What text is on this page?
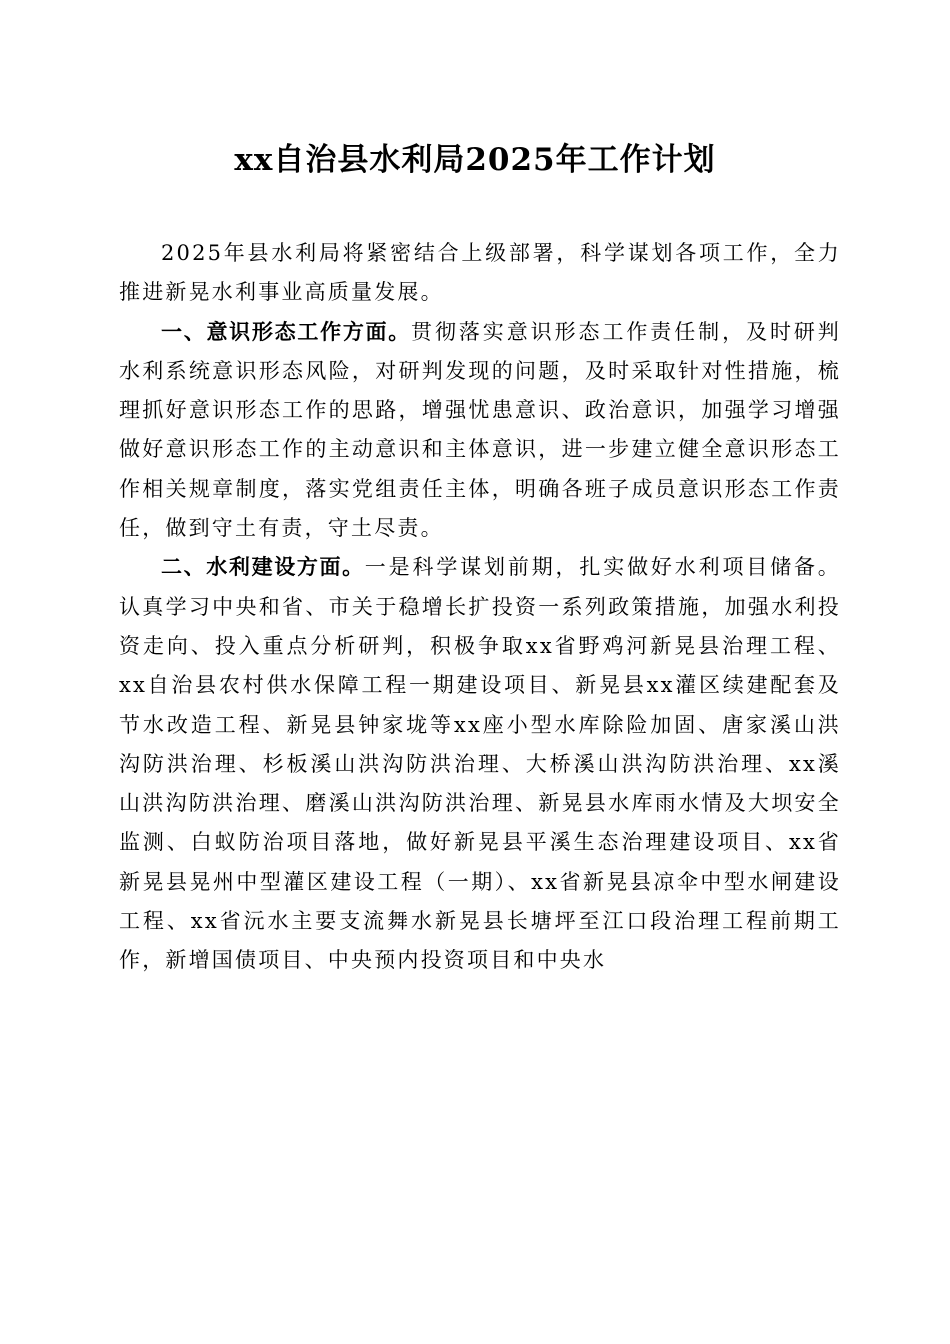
xx自治县水利局2025年工作计划

2025年县水利局将紧密结合上级部署，科学谋划各项工作，全力推进新晃水利事业高质量发展。

一、意识形态工作方面。贯彻落实意识形态工作责任制，及时研判水利系统意识形态风险，对研判发现的问题，及时采取针对性措施，梳理抓好意识形态工作的思路，增强忧患意识、政治意识，加强学习增强做好意识形态工作的主动意识和主体意识，进一步建立健全意识形态工作相关规章制度，落实党组责任主体，明确各班子成员意识形态工作责任，做到守土有责，守土尽责。

二、水利建设方面。一是科学谋划前期，扎实做好水利项目储备。认真学习中央和省、市关于稳增长扩投资一系列政策措施，加强水利投资走向、投入重点分析研判，积极争取xx省野鸡河新晃县治理工程、xx自治县农村供水保障工程一期建设项目、新晃县xx灌区续建配套及节水改造工程、新晃县钟家垅等xx座小型水库除险加固、唐家溪山洪沟防洪治理、杉板溪山洪沟防洪治理、大桥溪山洪沟防洪治理、xx溪山洪沟防洪治理、磨溪山洪沟防洪治理、新晃县水库雨水情及大坝安全监测、白蚁防治项目落地，做好新晃县平溪生态治理建设项目、xx省新晃县晃州中型灌区建设工程（一期）、xx省新晃县凉伞中型水闸建设工程、xx省沅水主要支流舞水新晃县长塘坪至江口段治理工程前期工作，新增国债项目、中央预内投资项目和中央水
